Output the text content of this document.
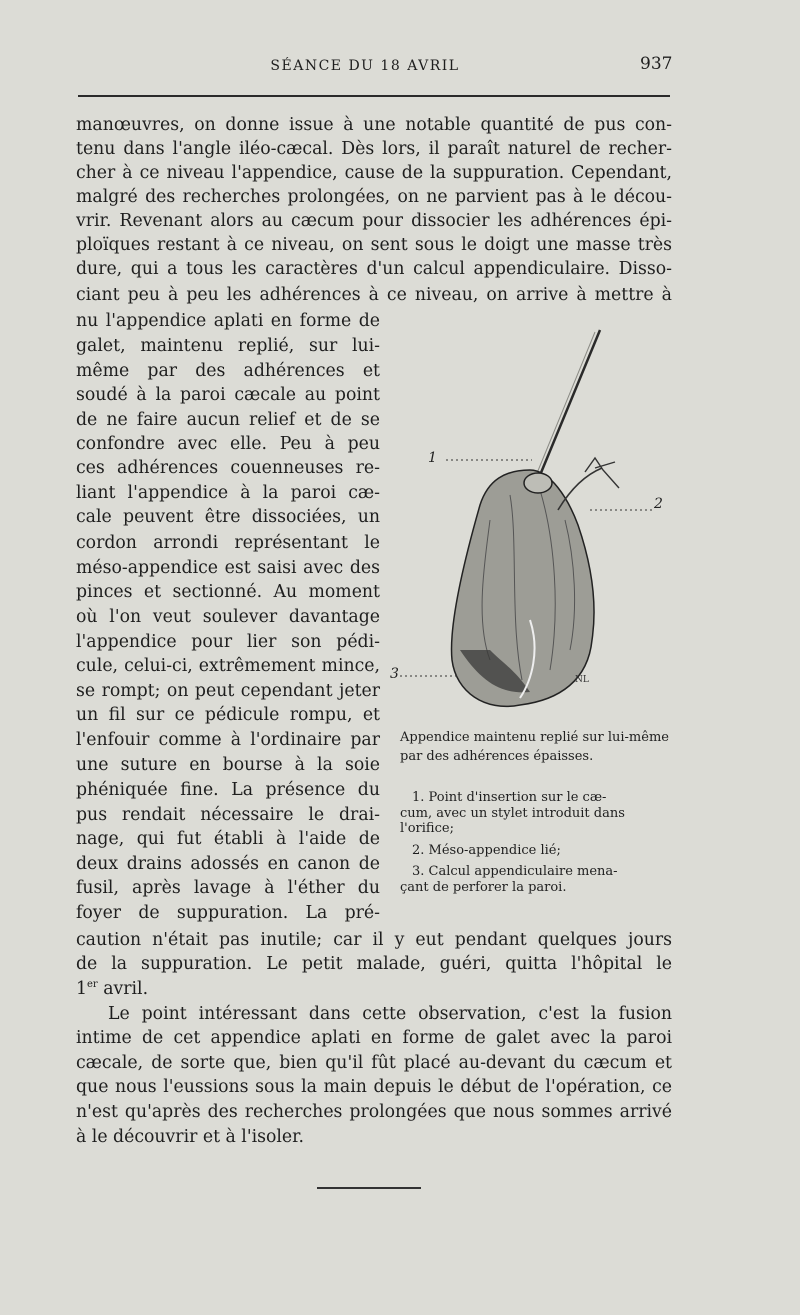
SÉANCE DU 18 AVRIL	937
manœuvres, on donne issue à une notable quantité de pus con-
tenu dans l'angle iléo-cæcal. Dès lors, il paraît naturel de recher-
cher à ce niveau l'appendice, cause de la suppuration. Cependant,
malgré des recherches prolongées, on ne parvient pas à le décou-
vrir. Revenant alors au cæcum pour dissocier les adhérences épi-
ploïques restant à ce niveau, on sent sous le doigt une masse très
dure, qui a tous les caractères d'un calcul appendiculaire. Disso-
ciant peu à peu les adhérences à ce niveau, on arrive à mettre à
nu l'appendice aplati en forme de
galet, maintenu replié, sur lui-
même par des adhérences et
soudé à la paroi cæcale au point
de ne faire aucun relief et de se
confondre avec elle. Peu à peu
ces adhérences couenneuses re-
liant l'appendice à la paroi cæ-
cale peuvent être dissociées, un
cordon arrondi représentant le
méso-appendice est saisi avec des
pinces et sectionné. Au moment
où l'on veut soulever davantage
l'appendice pour lier son pédi-
cule, celui-ci, extrêmement mince,
se rompt; on peut cependant jeter
un fil sur ce pédicule rompu, et
l'enfouir comme à l'ordinaire par
une suture en bourse à la soie
phéniquée fine. La présence du
pus rendait nécessaire le drai-
nage, qui fut établi à l'aide de
deux drains adossés en canon de
fusil, après lavage à l'éther du
foyer de suppuration. La pré-
caution n'était pas inutile; car il y eut pendant quelques jours
de la suppuration. Le petit malade, guéri, quitta l'hôpital le
1er avril.
Le point intéressant dans cette observation, c'est la fusion
intime de cet appendice aplati en forme de galet avec la paroi
cæcale, de sorte que, bien qu'il fût placé au-devant du cæcum et
que nous l'eussions sous la main depuis le début de l'opération, ce
n'est qu'après des recherches prolongées que nous sommes arrivé
à le découvrir et à l'isoler.
1
2
3	NL
Appendice maintenu replié sur lui-même par des adhérences épaisses.
1. Point d'insertion sur le cæ-
cum, avec un stylet introduit dans
l'orifice;
2. Méso-appendice lié;
3. Calcul appendiculaire mena-
çant de perforer la paroi.
